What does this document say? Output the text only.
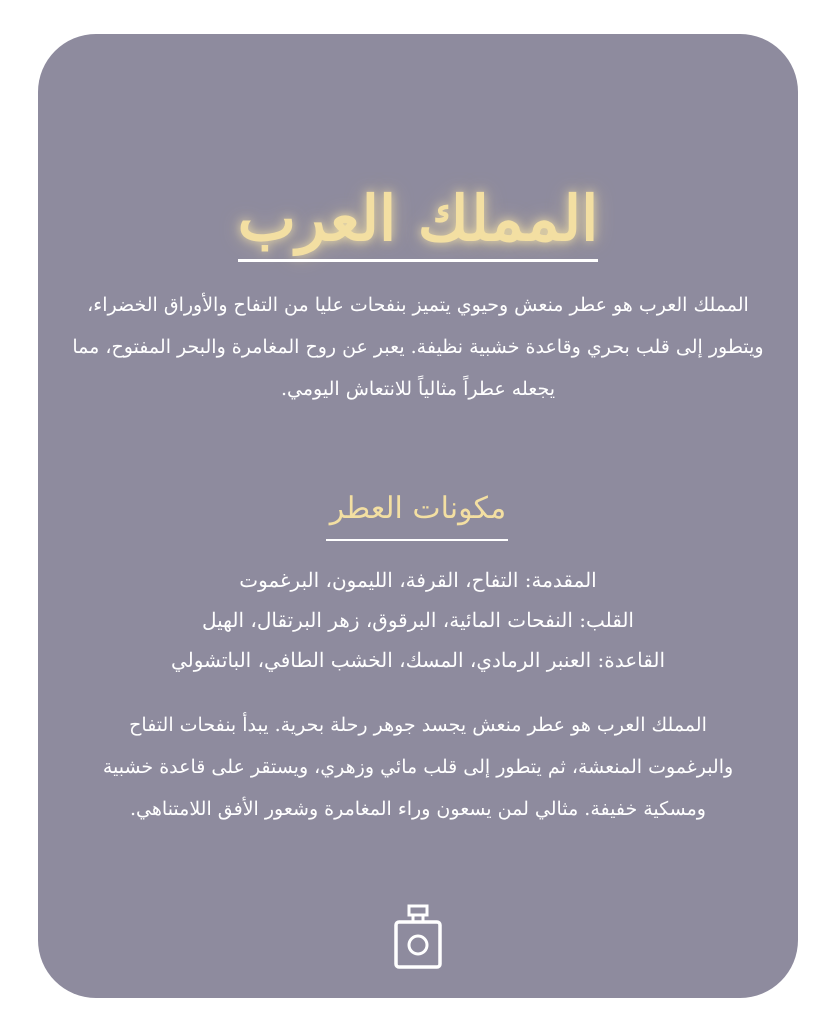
المملك العرب

المملك العرب هو عطر منعش وحيوي يتميز بنفحات عليا من التفاح والأوراق الخضراء، ويتطور إلى قلب بحري وقاعدة خشبية نظيفة. يعبر عن روح المغامرة والبحر المفتوح، مما يجعله عطراً مثالياً للانتعاش اليومي.

مكونات العطر
المقدمة: التفاح، القرفة، الليمون، البرغموت
القلب: النفحات المائية، البرقوق، زهر البرتقال، الهيل
القاعدة: العنبر الرمادي، المسك، الخشب الطافي، الباتشولي

المملك العرب هو عطر منعش يجسد جوهر رحلة بحرية. يبدأ بنفحات التفاح والبرغموت المنعشة، ثم يتطور إلى قلب مائي وزهري، ويستقر على قاعدة خشبية ومسكية خفيفة. مثالي لمن يسعون وراء المغامرة وشعور الأفق اللامتناهي.
